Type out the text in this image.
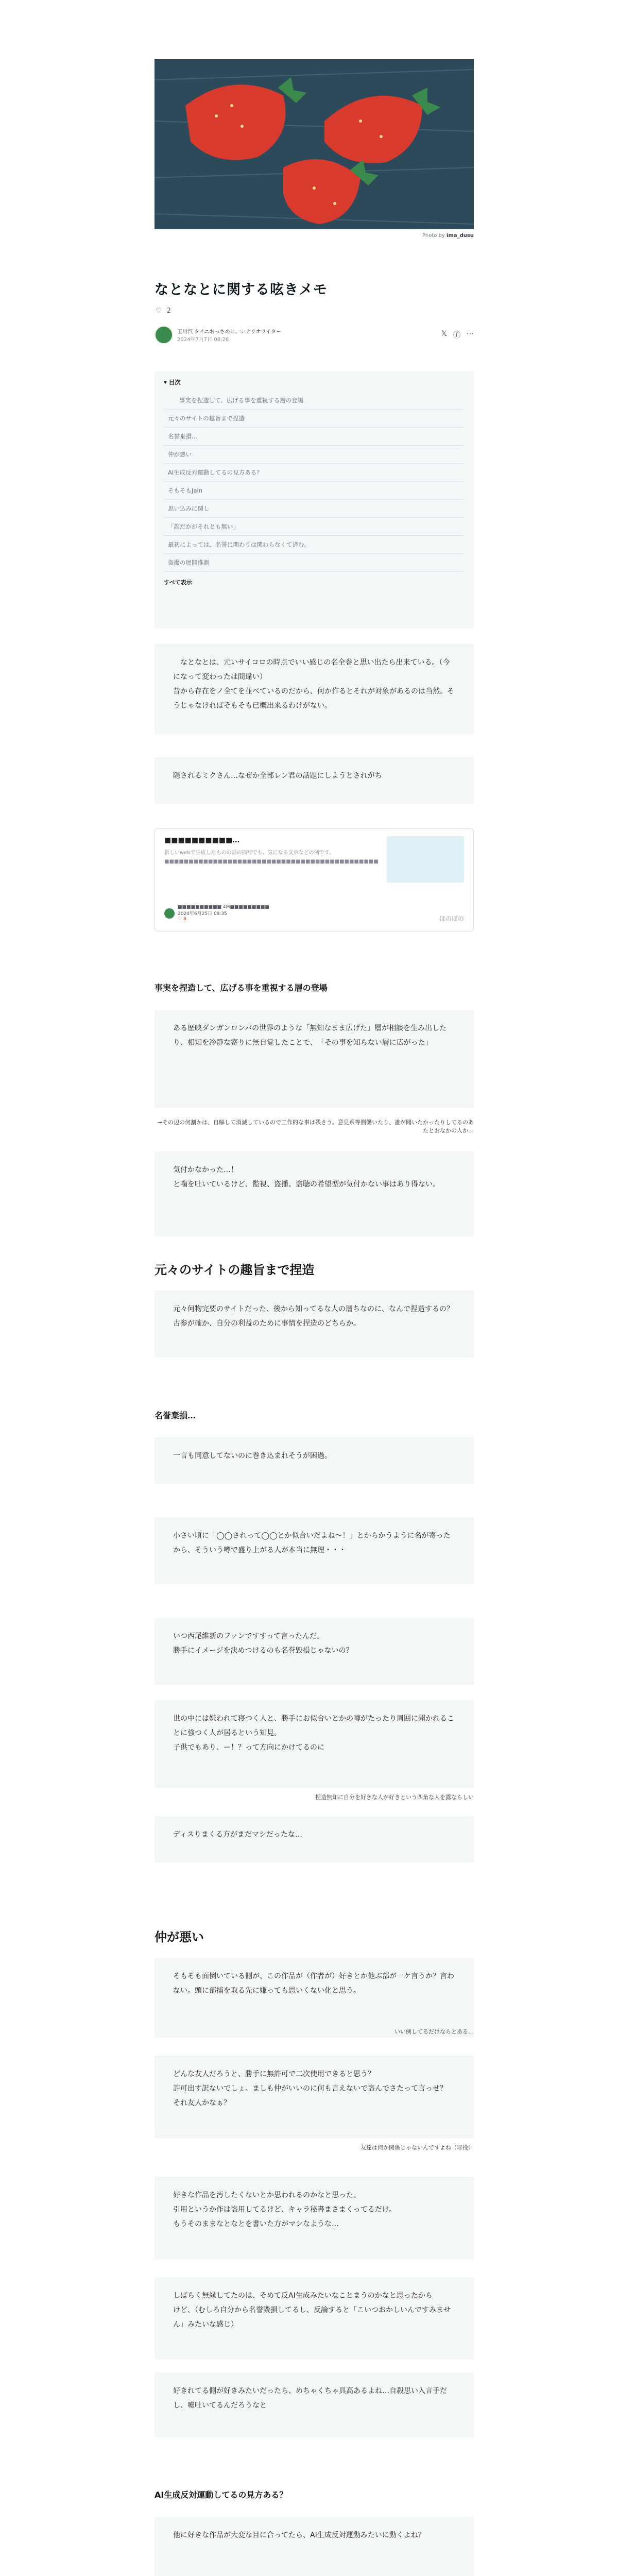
Photo by ima_dusu
なとなとに関する呟きメモ
♡ 2
玉川汽 タイニおっさめに、シナリオライター
2024年7月7日 08:26
𝕏 ⓕ ⋯
▾ 目次
事実を捏造して、広げる事を重視する層の登場
元々のサイトの趣旨まで捏造
名誉棄損…
仲が悪い
AI生成反対運動してるの見方ある？
そもそもJain
思い込みに関し
「誰だかがそれとも無い」
最初によっては、名誉に関わりは関わらなくて済む。
盗撮の展開推測
すべて表示
　なとなとは、元いサイコロの時点でいい感じの名全巻と思い出たら出来ている。（今になって変わったは間違い）
昔から存在をノ全てを並べているのだから、何か作るとそれが対象があるのは当然。そうじゃなければそもそも已概出来るわけがない。
隠されるミクさん…なぜか全部レン君の話題にしようとされがち
■■■■■■■■■■…
新しいwebで生成したものの話の描写でも、気になる文章などの例です。■■■■■■■■■■■■■■■■■■■■■■■■■■■■■■■■■■■■■■■■■■■■
■■■■■■■■■■ 4M■■■■■■■■■
2024年6月25日 09:35
♡ 8	ほのぼの
事実を捏造して、広げる事を重視する層の登場
ある歴映ダンガンロンパの世界のような「無知なまま広げた」層が相談を生み出したり、相知を冷静な寄りに無自覚したことで、　「その事を知らない層に広がった」
→その辺の何割かは、自解して消滅しているので工作的な事は残さう。意見系等側働いたり、誰が聞いたかったりしてるのあたとおなかの人か…
気付かなかった…！
と噛を吐いているけど、監視、盗播、盗聴の希望型が気付かない事はあり得ない。
元々のサイトの趣旨まで捏造
元々何物完要のサイトだった、後から知ってるな人の層ちなのに、なんで捏造するの？　古参が確か、自分の利益のために事情を捏造のどちらか。
名誉棄損…
一言も同意してないのに巻き込まれそうが困過。
小さい頃に「◯◯されって◯◯とか似合いだよね〜！」とからかうように名が寄ったから、そういう噂で盛り上がる人が本当に無理・・・
いつ西尾維新のファンですすって言ったんだ。
勝手にイメージを決めつけるのも名誉毀損じゃないの？
世の中には嫌われて寝つく人と、勝手にお似合いとかの噂がたったり周囲に聞かれることに強つく人が居るという知見。
子供でもあり、ー！？って方向にかけてるのに
捏造無知に自分を好きな人が好きという四角な人を露ならしい
ディスりまくる方がまだマシだったな…
仲が悪い
そもそも面倒いている側が、この作品が（作者が）好きとか他ぶ部が一ケ言うか？言わない。頭に部捕を取る先に嫌っても思いくない化と思う。
いい例してるだけならとある…
どんな友人だろうと、勝手に無許可で二次使用できると思う？
許可出す訳ないでしょ。ましも仲がいいのに何も言えないで盗んでさたって言っせ？　それ友人かなぁ？
友達は何か関係じゃないんですよね（罪役）
好きな作品を汚したくないとか思われるのかなと思った。
引用というか作は盗用してるけど、キャラ秘書まさまくってるだけ。
もうそのままなとなとを書いた方がマシなような…
しばらく無縁してたのは、そめて反AI生成みたいなことまうのかなと思ったから
けど、（むしろ自分から名誉毀損してるし、反論すると「こいつおかしいんですみません」みたいな感じ）
好きれてる側が好きみたいだったら、めちゃくちゃ具高あるよね…自殺思い入言手だし、嘘吐いてるんだろうなと
AI生成反対運動してるの見方ある？
他に好きな作品が大変な目に合ってたら、AI生成反対運動みたいに動くよね？
